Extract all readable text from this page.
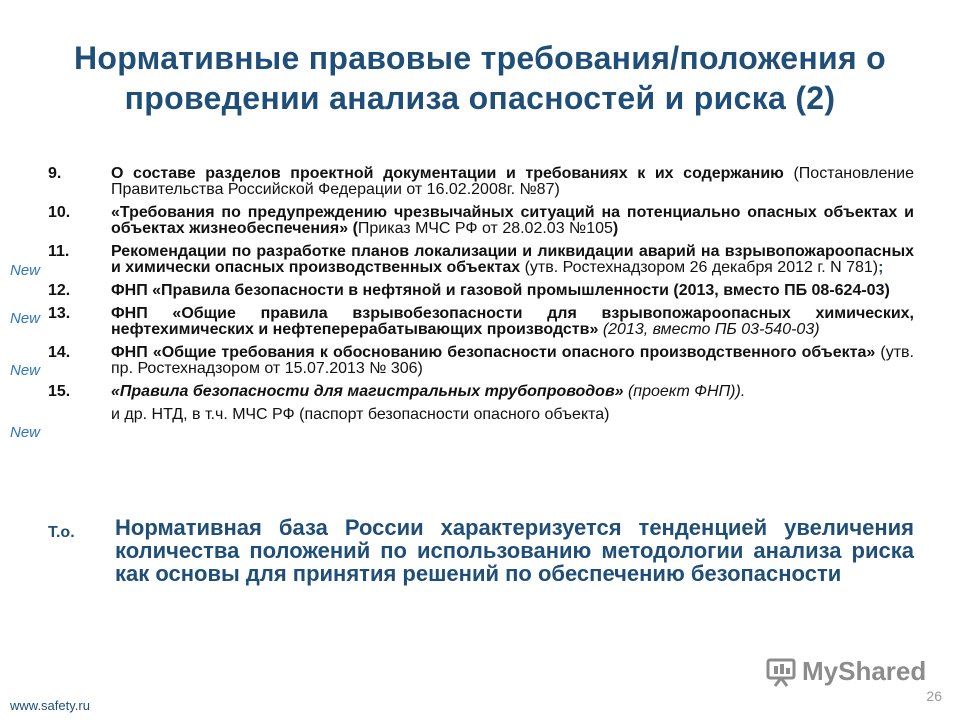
Нормативные правовые требования/положения о проведении анализа опасностей и риска (2)
New
New
New
New
9.	О составе разделов проектной документации и требованиях к их содержанию (Постановление Правительства Российской Федерации от 16.02.2008г. №87)
10.	«Требования по предупреждению чрезвычайных ситуаций на потенциально опасных объектах и объектах жизнеобеспечения» (Приказ МЧС РФ от 28.02.03 №105)
11.	Рекомендации по разработке планов локализации и ликвидации аварий на взрывопожароопасных и химически опасных производственных объектах (утв. Ростехнадзором 26 декабря 2012 г. N 781);
12.	ФНП «Правила безопасности в нефтяной и газовой промышленности (2013, вместо ПБ 08-624-03)
13.	ФНП «Общие правила взрывобезопасности для взрывопожароопасных химических, нефтехимических и нефтеперерабатывающих производств» (2013, вместо ПБ 03-540-03)
14.	ФНП «Общие требования к обоснованию безопасности опасного производственного объекта» (утв. пр. Ростехнадзором от 15.07.2013 № 306)
15.	«Правила безопасности для магистральных трубопроводов» (проект ФНП)).
и др. НТД, в т.ч. МЧС РФ (паспорт безопасности опасного объекта)
Т.о.	Нормативная база России характеризуется тенденцией увеличения количества положений по использованию методологии анализа риска как основы для принятия решений по обеспечению безопасности
MyShared
www.safety.ru
26
